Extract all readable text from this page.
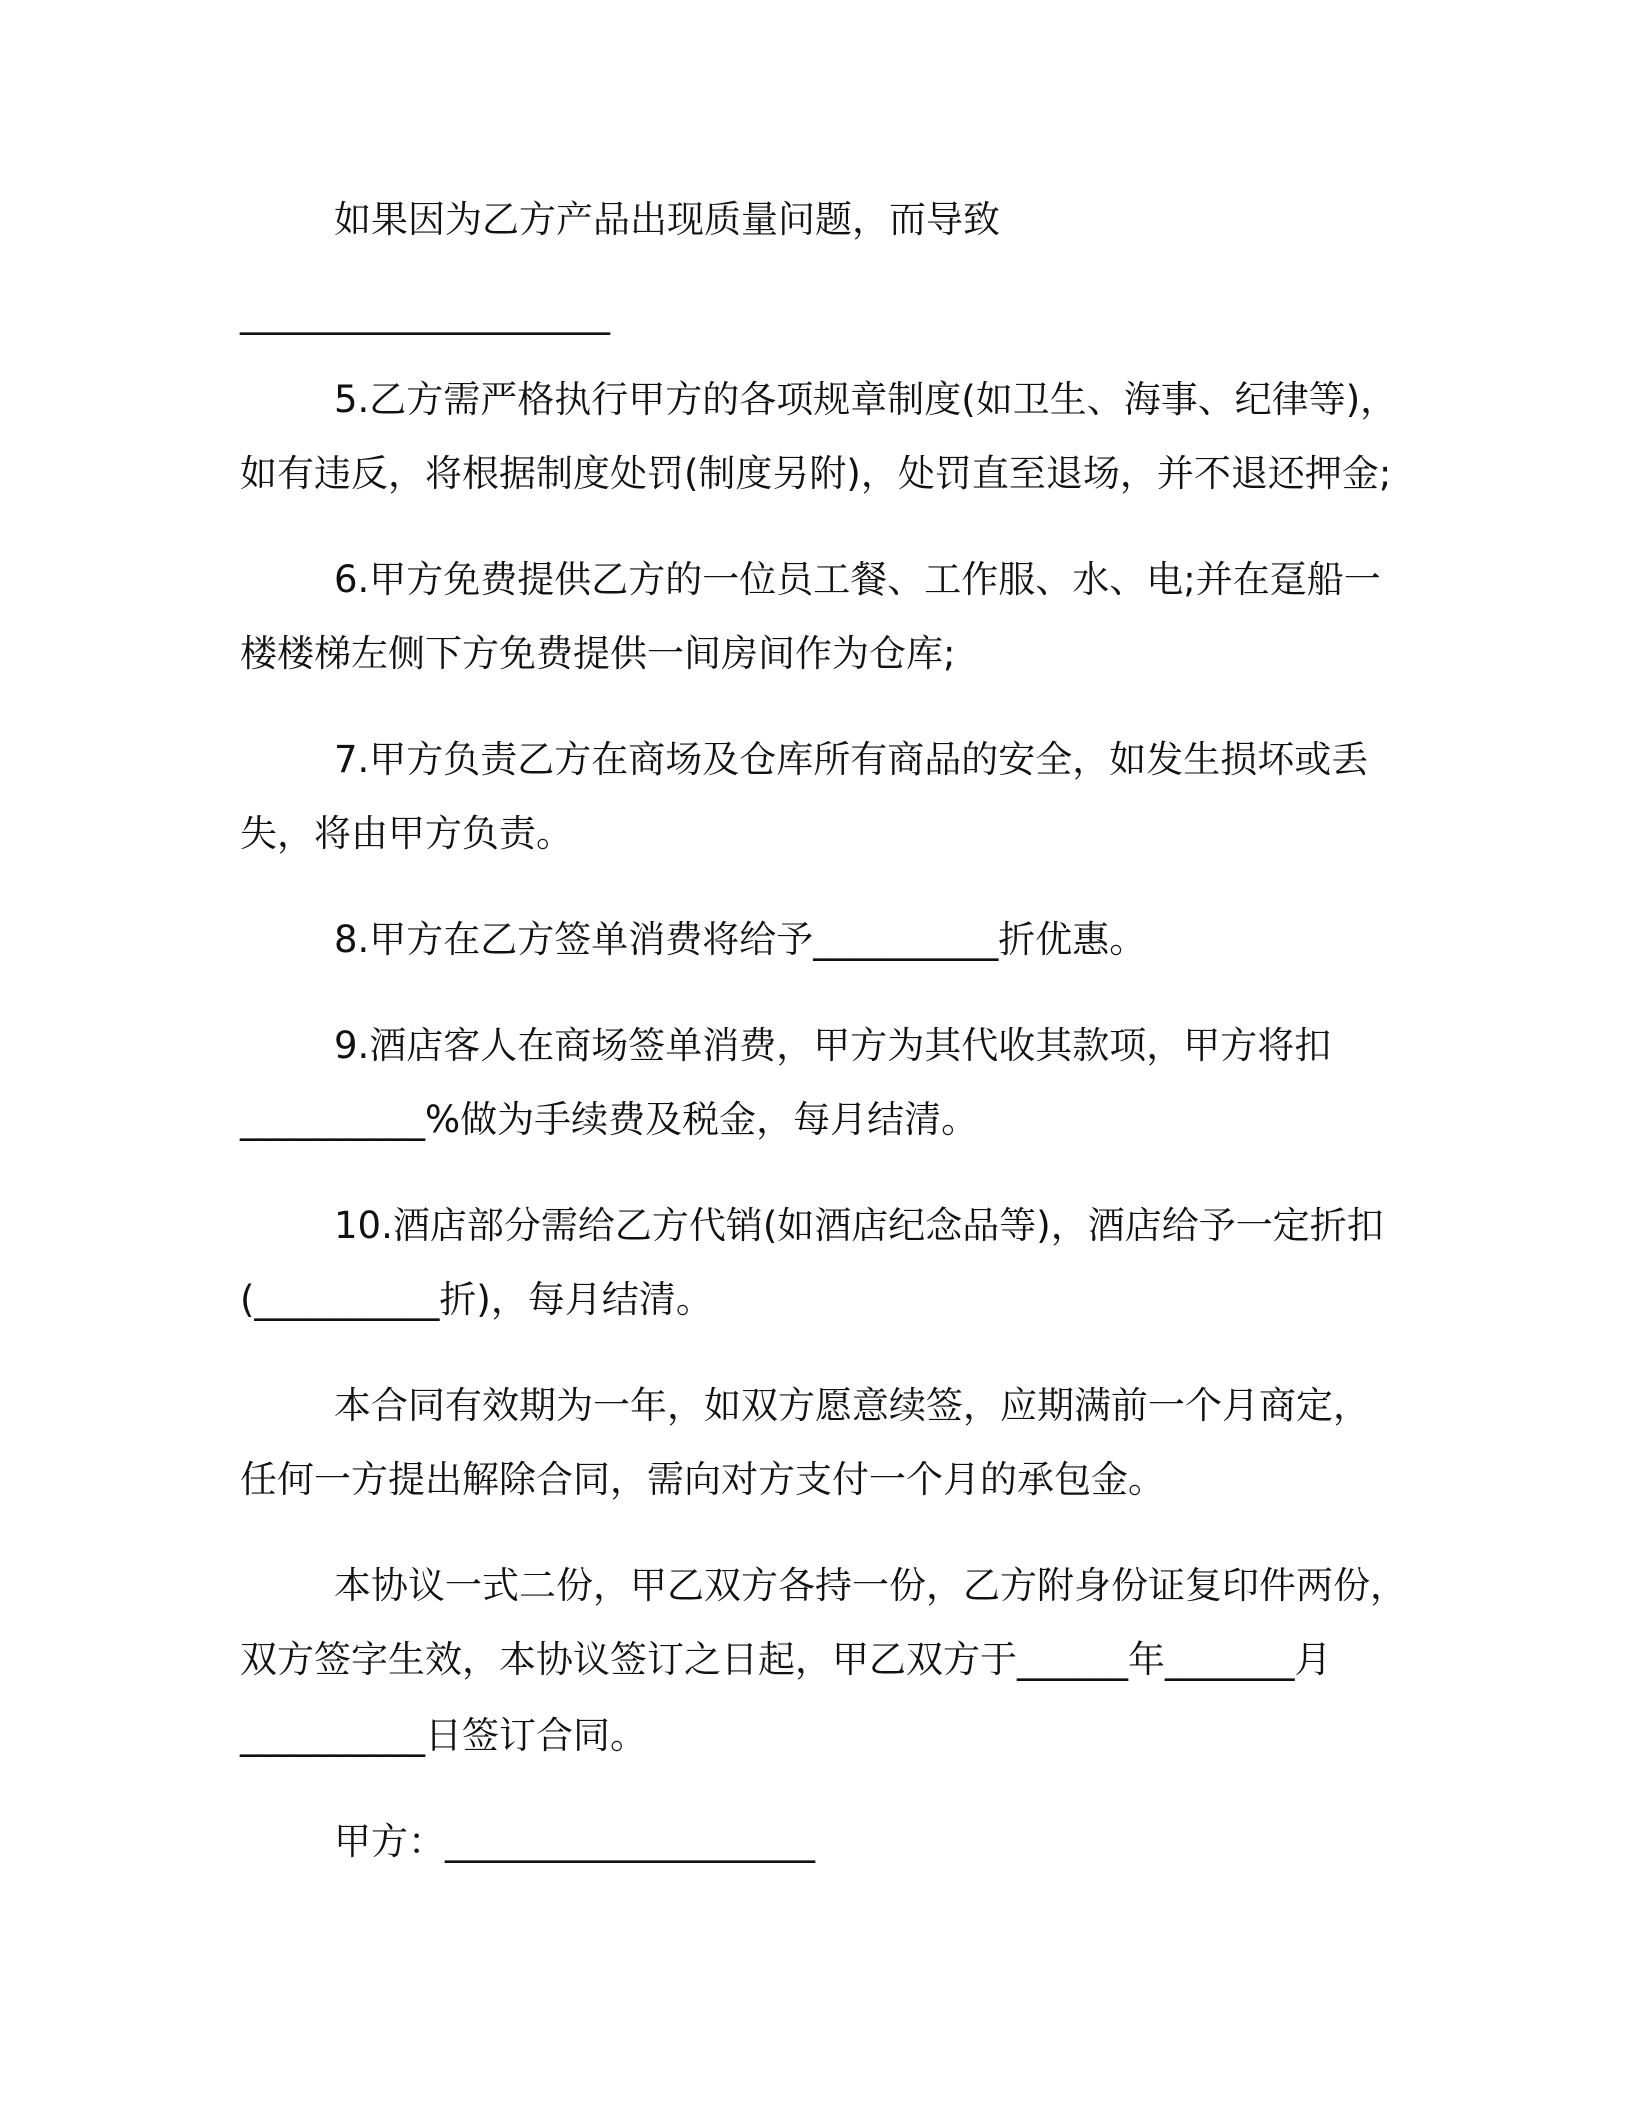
如果因为乙方产品出现质量问题，而导致
____________________
5.乙方需严格执行甲方的各项规章制度(如卫生、海事、纪律等)，
如有违反，将根据制度处罚(制度另附)，处罚直至退场，并不退还押金;
6.甲方免费提供乙方的一位员工餐、工作服、水、电;并在趸船一
楼楼梯左侧下方免费提供一间房间作为仓库;
7.甲方负责乙方在商场及仓库所有商品的安全，如发生损坏或丢
失，将由甲方负责。
8.甲方在乙方签单消费将给予__________折优惠。
9.酒店客人在商场签单消费，甲方为其代收其款项，甲方将扣
__________%做为手续费及税金，每月结清。
10.酒店部分需给乙方代销(如酒店纪念品等)，酒店给予一定折扣
(__________折)，每月结清。
本合同有效期为一年，如双方愿意续签，应期满前一个月商定，
任何一方提出解除合同，需向对方支付一个月的承包金。
本协议一式二份，甲乙双方各持一份，乙方附身份证复印件两份，
双方签字生效，本协议签订之日起，甲乙双方于______年_______月
__________日签订合同。
甲方：____________________
